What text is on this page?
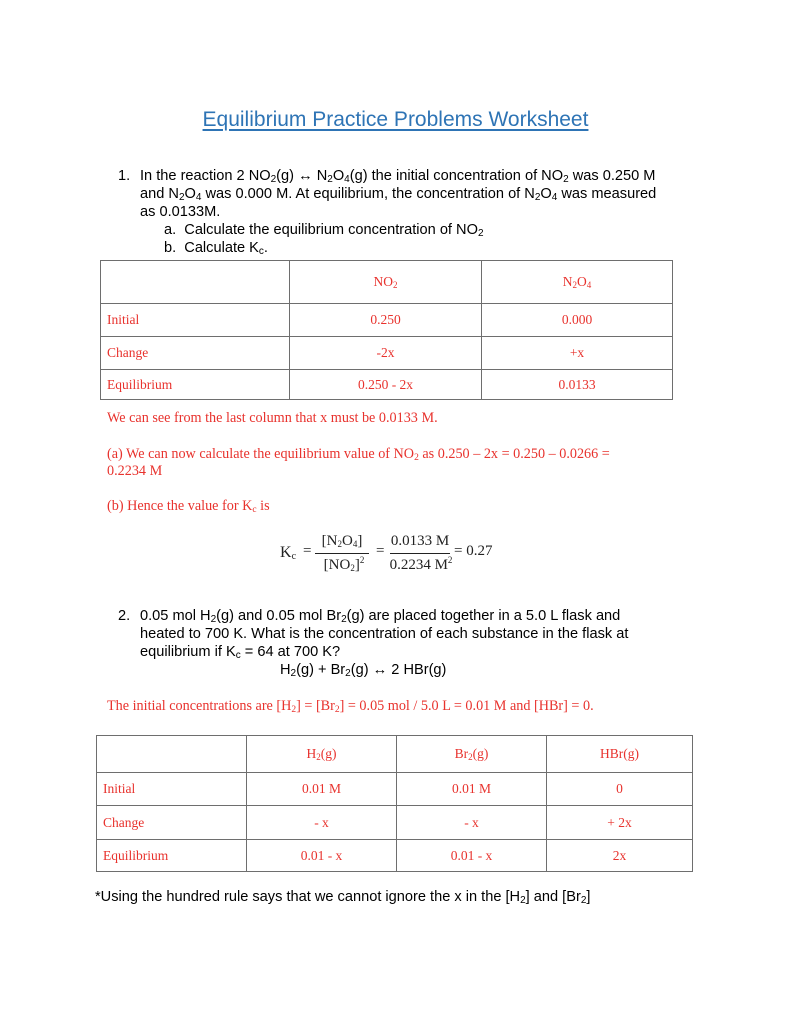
Equilibrium Practice Problems Worksheet
1. In the reaction 2 $NO_2(g)$ ↔ $N_2O_4(g)$ the initial concentration of $NO_2$ was 0.250 M
and $N_2O_4$ was 0.000 M. At equilibrium, the concentration of $N_2O_4$ was measured
as 0.0133M.
a. Calculate the equilibrium concentration of $NO_2$
b. Calculate $K_c$.
	$NO_2$	$N_2O_4$
Initial	0.250	0.000
Change	-2x	+x
Equilibrium	0.250 - 2x	0.0133
We can see from the last column that x must be 0.0133 M.
(a) We can now calculate the equilibrium value of $NO_2$ as 0.250 – 2x = 0.250 – 0.0266 =
0.2234 M
(b) Hence the value for $K_c$ is
$K_c$ =
$[N_2O_4]$
$[NO_2]^2$
=
0.0133 M
0.2234 $M^2$
= 0.27
2. 0.05 mol $H_2(g)$ and 0.05 mol $Br_2(g)$ are placed together in a 5.0 L flask and
heated to 700 K. What is the concentration of each substance in the flask at
equilibrium if $K_c = 64$ at 700 K?
$H_2(g) + Br_2(g)$ ↔ 2 HBr(g)
The initial concentrations are $[H_2] = [Br_2] = 0.05$ mol / 5.0 L = 0.01 M and [HBr] = 0.
	$H_2(g)$	$Br_2(g)$	HBr(g)
Initial	0.01 M	0.01 M	0
Change	- x	- x	+ 2x
Equilibrium	0.01 - x	0.01 - x	2x
*Using the hundred rule says that we cannot ignore the x in the $[H_2]$ and $[Br_2]$
